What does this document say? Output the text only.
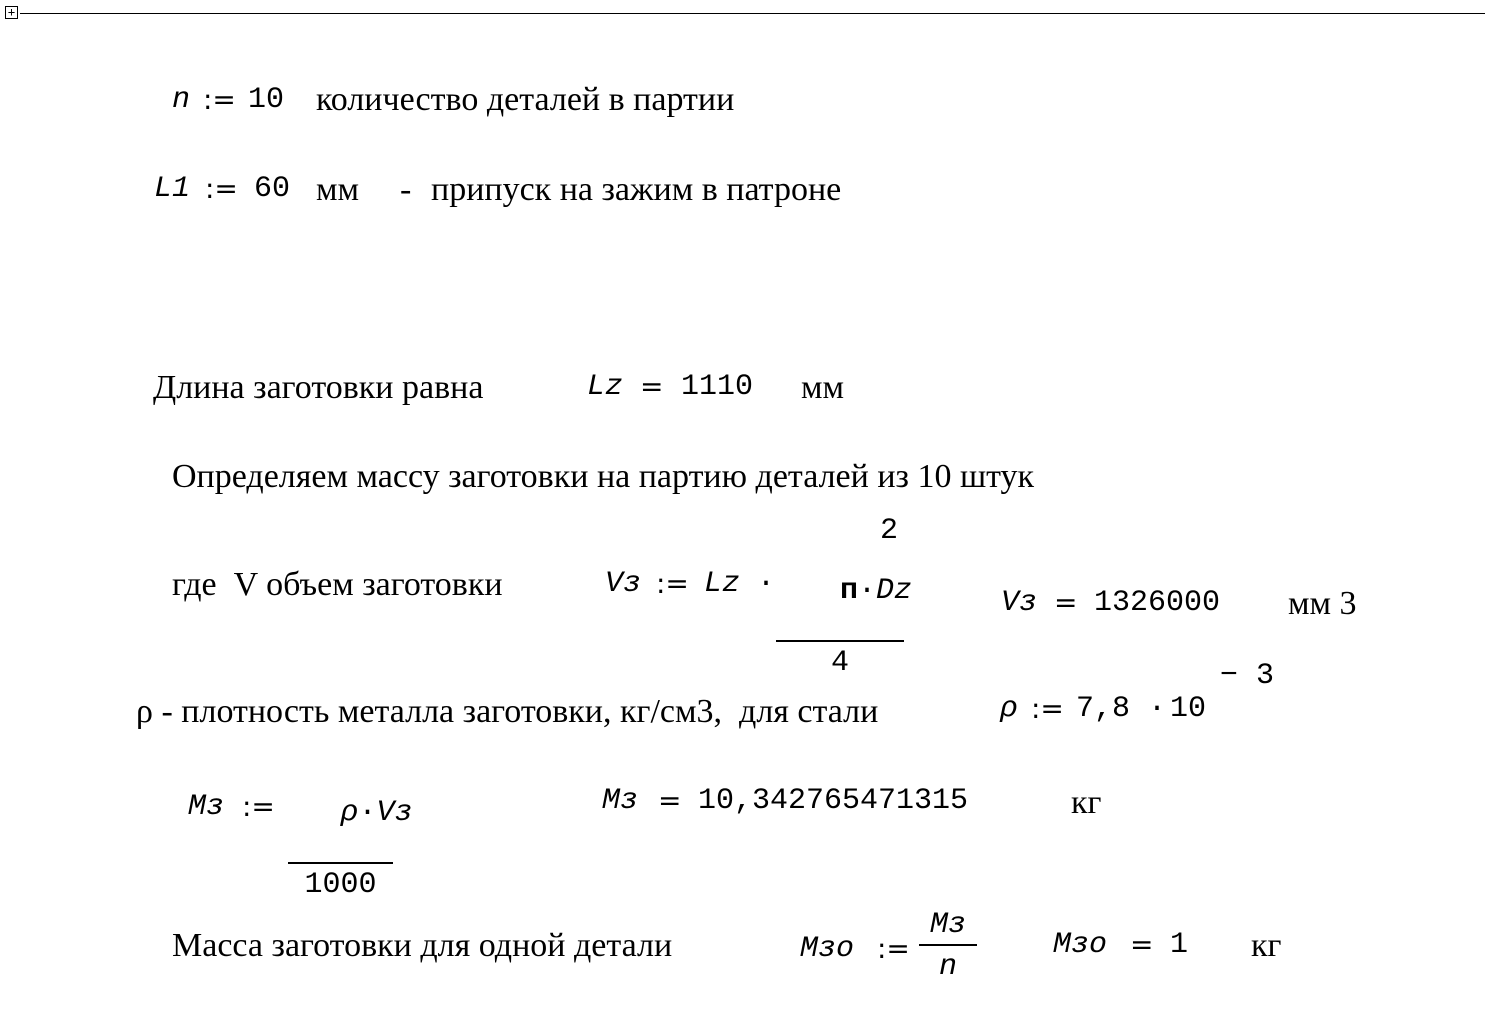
+
n := 10 количество деталей в партии
L1 := 60 мм - припуск на зажим в патроне
Длина заготовки равна	Lz = 1110 мм
Определяем массу заготовки на партию деталей из 10 штук
где  V объем заготовки	Vз := Lz ·
2

п·Dz

4
Vз = 1326000 мм 3
ρ - плотность металла заготовки, кг/см3,  для стали	ρ := 7,8 · 10
− 3
Mз :=	ρ·Vз

1000
Mз = 10,342765471315	кг
Масса заготовки для одной детали	Mзо :=
Mз
n
Mзо = 1 кг
